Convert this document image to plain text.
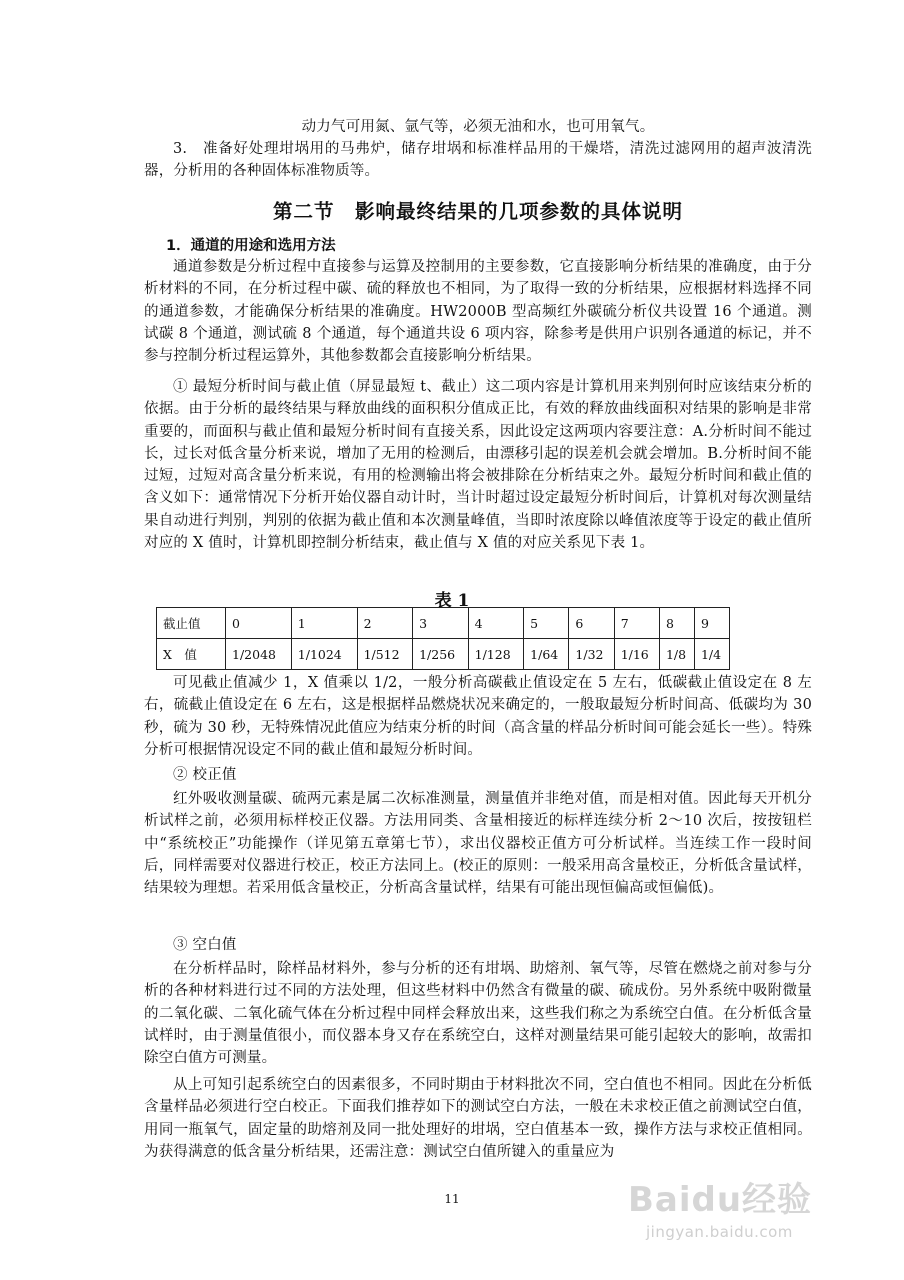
动力气可用氮、氩气等，必须无油和水，也可用氧气。

3.　准备好处理坩埚用的马弗炉，储存坩埚和标准样品用的干燥塔，清洗过滤网用的超声波清洗器，分析用的各种固体标准物质等。

第二节　影响最终结果的几项参数的具体说明
1．通道的用途和选用方法

通道参数是分析过程中直接参与运算及控制用的主要参数，它直接影响分析结果的准确度，由于分析材料的不同，在分析过程中碳、硫的释放也不相同，为了取得一致的分析结果，应根据材料选择不同的通道参数，才能确保分析结果的准确度。HW2000B 型高频红外碳硫分析仪共设置 16 个通道。测试碳 8 个通道，测试硫 8 个通道，每个通道共设 6 项内容，除参考是供用户识别各通道的标记，并不参与控制分析过程运算外，其他参数都会直接影响分析结果。

① 最短分析时间与截止值（屏显最短 t、截止）这二项内容是计算机用来判别何时应该结束分析的依据。由于分析的最终结果与释放曲线的面积积分值成正比，有效的释放曲线面积对结果的影响是非常重要的，而面积与截止值和最短分析时间有直接关系，因此设定这两项内容要注意：A.分析时间不能过长，过长对低含量分析来说，增加了无用的检测后，由漂移引起的误差机会就会增加。B.分析时间不能过短，过短对高含量分析来说，有用的检测输出将会被排除在分析结束之外。最短分析时间和截止值的含义如下：通常情况下分析开始仪器自动计时，当计时超过设定最短分析时间后，计算机对每次测量结果自动进行判别，判别的依据为截止值和本次测量峰值，当即时浓度除以峰值浓度等于设定的截止值所对应的 X 值时，计算机即控制分析结束，截止值与 X 值的对应关系见下表 1。

表 1
截止值	0	1	2	3	4	5	6	7	8	9
X　值	1/2048	1/1024	1/512	1/256	1/128	1/64	1/32	1/16	1/8	1/4

可见截止值减少 1，X 值乘以 1/2，一般分析高碳截止值设定在 5 左右，低碳截止值设定在 8 左右，硫截止值设定在 6 左右，这是根据样品燃烧状况来确定的，一般取最短分析时间高、低碳均为 30 秒，硫为 30 秒，无特殊情况此值应为结束分析的时间（高含量的样品分析时间可能会延长一些）。特殊分析可根据情况设定不同的截止值和最短分析时间。

② 校正值

红外吸收测量碳、硫两元素是属二次标准测量，测量值并非绝对值，而是相对值。因此每天开机分析试样之前，必须用标样校正仪器。方法用同类、含量相接近的标样连续分析 2～10 次后，按按钮栏中“系统校正”功能操作（详见第五章第七节），求出仪器校正值方可分析试样。当连续工作一段时间后，同样需要对仪器进行校正，校正方法同上。(校正的原则：一般采用高含量校正，分析低含量试样，结果较为理想。若采用低含量校正，分析高含量试样，结果有可能出现恒偏高或恒偏低)。

③ 空白值

在分析样品时，除样品材料外，参与分析的还有坩埚、助熔剂、氧气等，尽管在燃烧之前对参与分析的各种材料进行过不同的方法处理，但这些材料中仍然含有微量的碳、硫成份。另外系统中吸附微量的二氧化碳、二氧化硫气体在分析过程中同样会释放出来，这些我们称之为系统空白值。在分析低含量试样时，由于测量值很小，而仪器本身又存在系统空白，这样对测量结果可能引起较大的影响，故需扣除空白值方可测量。

从上可知引起系统空白的因素很多，不同时期由于材料批次不同，空白值也不相同。因此在分析低含量样品必须进行空白校正。下面我们推荐如下的测试空白方法，一般在未求校正值之前测试空白值，用同一瓶氧气，固定量的助熔剂及同一批处理好的坩埚，空白值基本一致，操作方法与求校正值相同。为获得满意的低含量分析结果，还需注意：测试空白值所键入的重量应为

11	Baidu经验
jingyan.baidu.com
